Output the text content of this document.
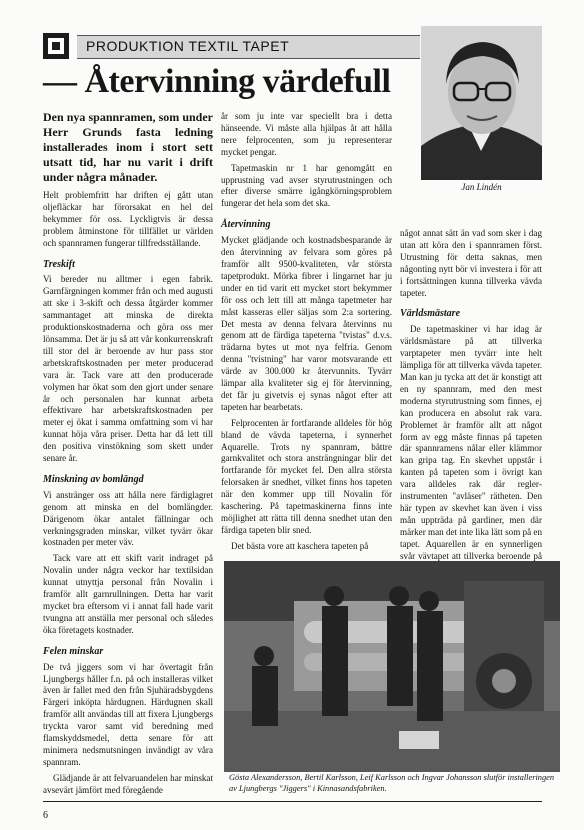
PRODUKTION TEXTIL TAPET
— Återvinning värdefull
Jan Lindén
Den nya spannramen, som under Herr Grunds fasta ledning installerades inom i stort sett utsatt tid, har nu varit i drift under några månader.

Helt problemfritt har driften ej gått utan oljefläckar har förorsakat en hel del bekymmer för oss. Lyckligtvis är dessa problem åtminstone för tillfället ur världen och spannramen fungerar tillfredsställande.

Treskift

Vi bereder nu alltmer i egen fabrik. Garnfärgningen kommer från och med augusti att ske i 3-skift och dessa åtgärder kommer sammantaget att minska de direkta produktionskostnaderna och göra oss mer lönsamma. Det är ju så att vår konkurrenskraft till stor del är beroende av hur pass stor arbetskraftskostnaden per meter producerad vara är. Tack vare att den producerade volymen har ökat som den gjort under senare år och personalen har kunnat arbeta effektivare har arbetskraftskostnaden per meter ej ökat i samma omfattning som vi har kunnat höja våra priser. Detta har då lett till den positiva vinstökning som skett under senare år.

Minskning av bomlängd

Vi anstränger oss att hålla nere färdiglagret genom att minska en del bomlängder. Därigenom ökar antalet fällningar och verkningsgraden minskar, vilket tyvärr ökar kostnaden per meter väv.

Tack vare att ett skift varit indraget på Novalin under några veckor har textilsidan kunnat utnyttja personal från Novalin i framför allt garnrullningen. Detta har varit mycket bra eftersom vi i annat fall hade varit tvungna att anställa mer personal och således öka företagets kostnader.

Felen minskar

De två jiggers som vi har övertagit från Ljungbergs håller f.n. på och installeras vilket även är fallet med den från Sjuhäradsbygdens Färgeri inköpta härdugnen. Härdugnen skall framför allt användas till att fixera Ljungbergs tryckta varor samt vid beredning med flamskyddsmedel, detta senare för att minimera nedsmutsningen invändigt av våra spannram.

Glädjande är att felvaruandelen har minskat avsevärt jämfört med föregående

år som ju inte var speciellt bra i detta hänseende. Vi måste alla hjälpas åt att hålla nere felprocenten, som ju representerar mycket pengar.

Tapetmaskin nr 1 har genomgått en upprustning vad avser styrutrustningen och efter diverse smärre igångkörningsproblem fungerar det hela som det ska.

Återvinning

Mycket glädjande och kostnadsbesparande är den återvinning av felvara som göres på framför allt 9500-kvaliteten, vår största tapetprodukt. Mörka fibrer i lingarnet har ju under en tid varit ett mycket stort bekymmer för oss och lett till att många tapetmeter har måst kasseras eller säljas som 2:a sortering. Det mesta av denna felvara återvinns nu genom att de färdiga tapeterna "tvistas" d.v.s. trädarna bytes ut mot nya felfria. Genom denna "tvistning" har varor motsvarande ett värde av 300.000 kr återvunnits. Tyvärr lämpar alla kvaliteter sig ej för återvinning, det får ju givetvis ej synas något efter att tapeten har bearbetats.

Felprocenten är fortfarande alldeles för hög bland de vävda tapeterna, i synnerhet Aquarelle. Trots ny spannram, bättre garnkvalitet och stora ansträngningar blir det fortfarande för mycket fel. Den allra största felorsaken är snedhet, vilket finns hos tapeten när den kommer upp till Novalin för kaschering. På tapetmaskinerna finns inte möjlighet att rätta till denna snedhet utan den färdiga tapeten blir sned.

Det bästa vore att kaschera tapeten på

något annat sätt än vad som sker i dag utan att köra den i spannramen först. Utrustning för detta saknas, men någonting nytt bör vi investera i för att i fortsättningen kunna tillverka vävda tapeter.

Världsmästare

De tapetmaskiner vi har idag är världsmästare på att tillverka varptapeter men tyvärr inte helt lämpliga för att tillverka vävda tapeter. Man kan ju tycka att det är konstigt att en ny spannram, med den mest moderna styrutrustning som finnes, ej kan producera en absolut rak vara. Problemet är framför allt att något form av egg måste finnas på tapeten där spannramens nålar eller klämmor kan gripa tag. En skevhet uppstår i kanten på tapeten som i övrigt kan vara alldeles rak där reglerinstrumenten "avläser" rätheten. Den här typen av skevhet kan även i viss mån uppträda på gardiner, men där märker man det inte lika lätt som på en tapet. Aquarellen är en synnerligen svår vävtapet att tillverka beroende på

Gösta Alexandersson, Bertil Karlsson, Leif Karlsson och Ingvar Johansson slutför installeringen av Ljungbergs "Jiggers" i Kinnasandsfabriken.
6
